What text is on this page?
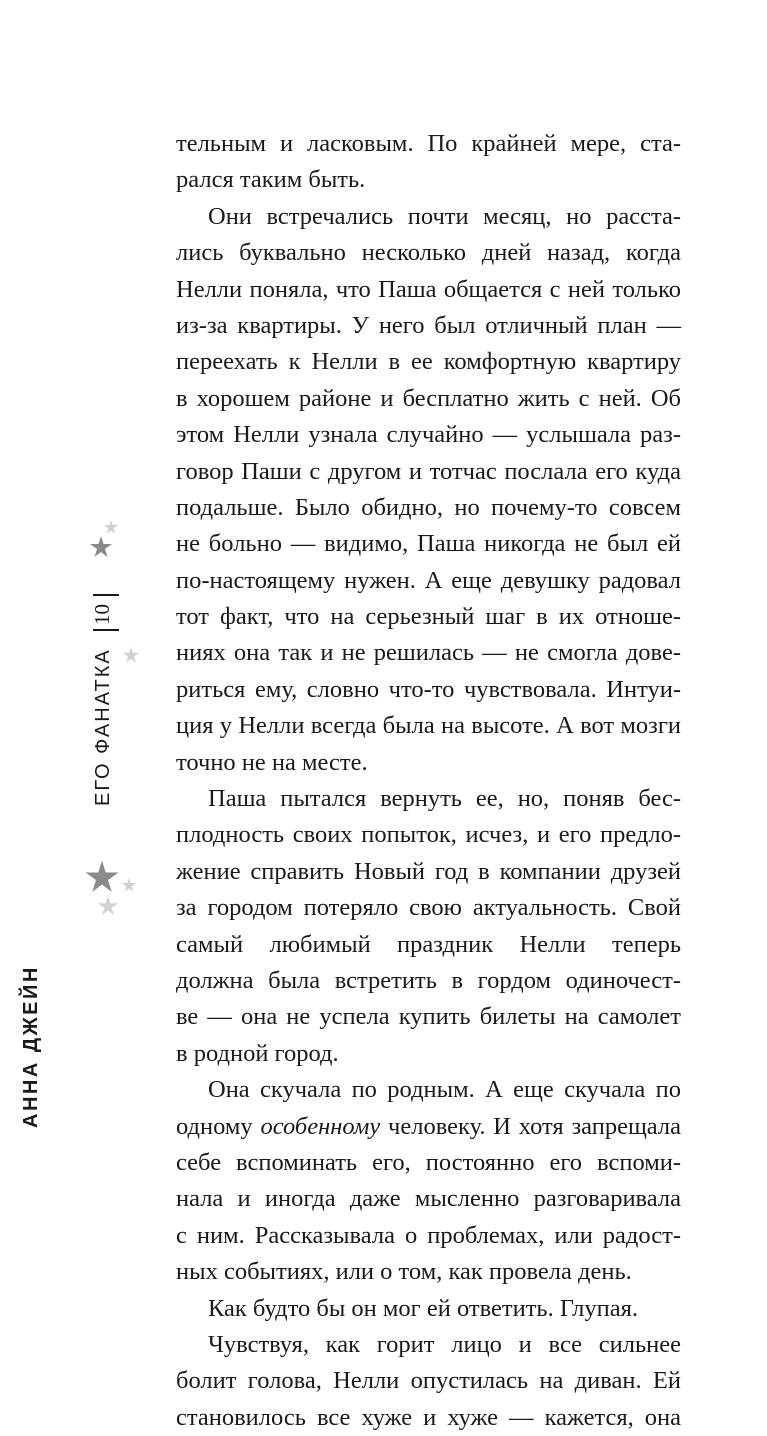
тельным и ласковым. По крайней мере, ста-
рался таким быть.
Они встречались почти месяц, но расста-
лись буквально несколько дней назад, когда
Нелли поняла, что Паша общается с ней только
из-за квартиры. У него был отличный план —
переехать к Нелли в ее комфортную квартиру
в хорошем районе и бесплатно жить с ней. Об
этом Нелли узнала случайно — услышала раз-
говор Паши с другом и тотчас послала его куда
подальше. Было обидно, но почему-то совсем
не больно — видимо, Паша никогда не был ей
по-настоящему нужен. А еще девушку радовал
тот факт, что на серьезный шаг в их отноше-
ниях она так и не решилась — не смогла дове-
риться ему, словно что-то чувствовала. Интуи-
ция у Нелли всегда была на высоте. А вот мозги
точно не на месте.
Паша пытался вернуть ее, но, поняв бес-
плодность своих попыток, исчез, и его предло-
жение справить Новый год в компании друзей
за городом потеряло свою актуальность. Свой
самый любимый праздник Нелли теперь
должна была встретить в гордом одиночест-
ве — она не успела купить билеты на самолет
в родной город.
Она скучала по родным. А еще скучала по
одному особенному человеку. И хотя запрещала
себе вспоминать его, постоянно его вспоми-
нала и иногда даже мысленно разговаривала
с ним. Рассказывала о проблемах, или радост-
ных событиях, или о том, как провела день.
Как будто бы он мог ей ответить. Глупая.
Чувствуя, как горит лицо и все сильнее
болит голова, Нелли опустилась на диван. Ей
становилось все хуже и хуже — кажется, она
АННА ДЖЕЙН
ЕГО ФАНАТКА
10
